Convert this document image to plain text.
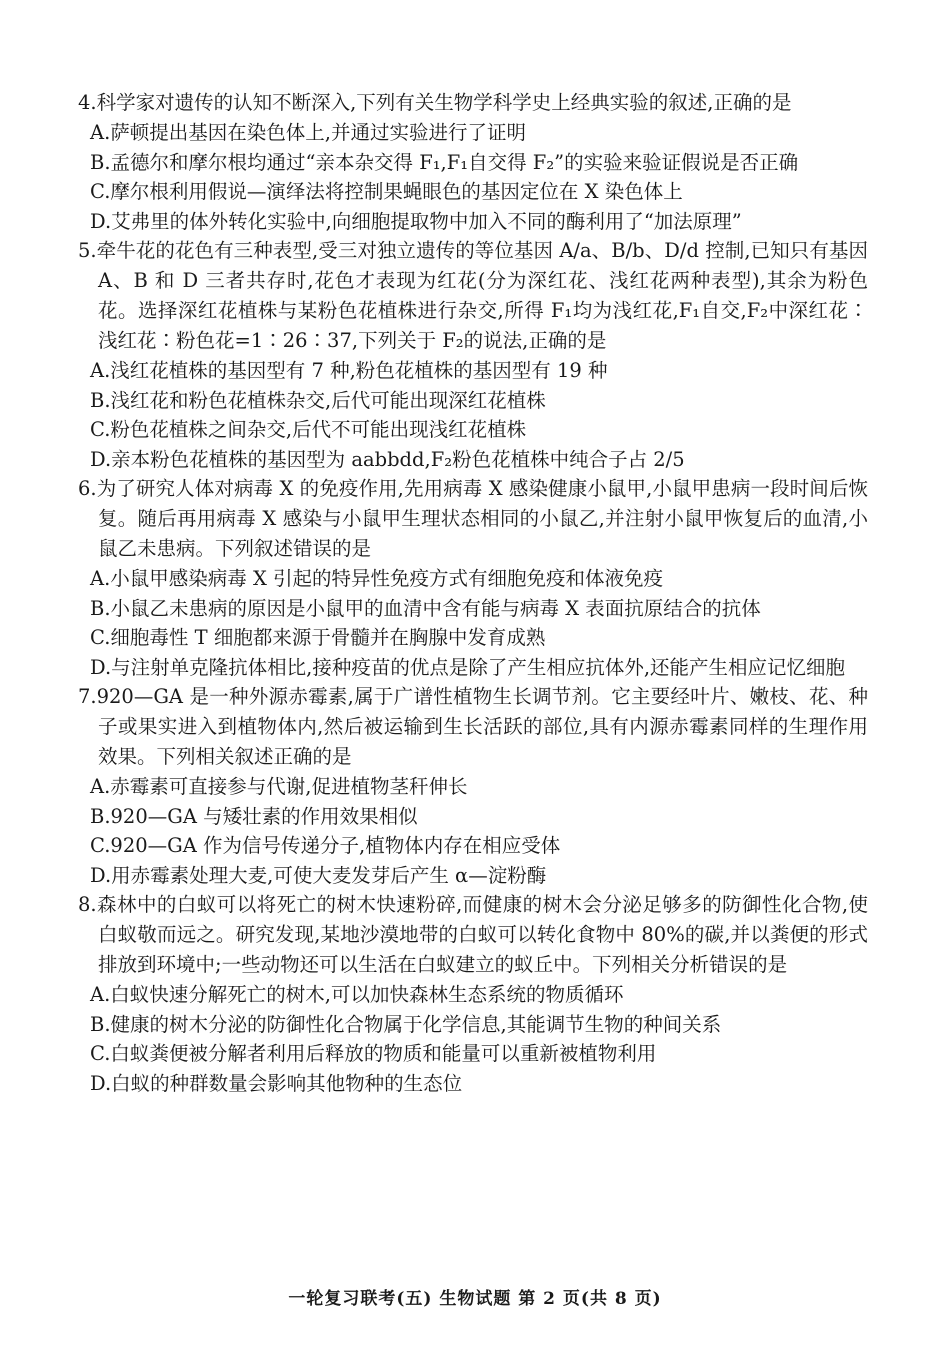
4.科学家对遗传的认知不断深入,下列有关生物学科学史上经典实验的叙述,正确的是

A.萨顿提出基因在染色体上,并通过实验进行了证明

B.孟德尔和摩尔根均通过“亲本杂交得 F₁,F₁自交得 F₂”的实验来验证假说是否正确

C.摩尔根利用假说—演绎法将控制果蝇眼色的基因定位在 X 染色体上

D.艾弗里的体外转化实验中,向细胞提取物中加入不同的酶利用了“加法原理”

5.牵牛花的花色有三种表型,受三对独立遗传的等位基因 A/a、B/b、D/d 控制,已知只有基因 A、B 和 D 三者共存时,花色才表现为红花(分为深红花、浅红花两种表型),其余为粉色花。选择深红花植株与某粉色花植株进行杂交,所得 F₁均为浅红花,F₁自交,F₂中深红花∶浅红花∶粉色花=1∶26∶37,下列关于 F₂的说法,正确的是

A.浅红花植株的基因型有 7 种,粉色花植株的基因型有 19 种

B.浅红花和粉色花植株杂交,后代可能出现深红花植株

C.粉色花植株之间杂交,后代不可能出现浅红花植株

D.亲本粉色花植株的基因型为 aabbdd,F₂粉色花植株中纯合子占 2/5

6.为了研究人体对病毒 X 的免疫作用,先用病毒 X 感染健康小鼠甲,小鼠甲患病一段时间后恢复。随后再用病毒 X 感染与小鼠甲生理状态相同的小鼠乙,并注射小鼠甲恢复后的血清,小鼠乙未患病。下列叙述错误的是

A.小鼠甲感染病毒 X 引起的特异性免疫方式有细胞免疫和体液免疫

B.小鼠乙未患病的原因是小鼠甲的血清中含有能与病毒 X 表面抗原结合的抗体

C.细胞毒性 T 细胞都来源于骨髓并在胸腺中发育成熟

D.与注射单克隆抗体相比,接种疫苗的优点是除了产生相应抗体外,还能产生相应记忆细胞

7.920—GA 是一种外源赤霉素,属于广谱性植物生长调节剂。它主要经叶片、嫩枝、花、种子或果实进入到植物体内,然后被运输到生长活跃的部位,具有内源赤霉素同样的生理作用效果。下列相关叙述正确的是

A.赤霉素可直接参与代谢,促进植物茎秆伸长

B.920—GA 与矮壮素的作用效果相似

C.920—GA 作为信号传递分子,植物体内存在相应受体

D.用赤霉素处理大麦,可使大麦发芽后产生 α—淀粉酶

8.森林中的白蚁可以将死亡的树木快速粉碎,而健康的树木会分泌足够多的防御性化合物,使白蚁敬而远之。研究发现,某地沙漠地带的白蚁可以转化食物中 80%的碳,并以粪便的形式排放到环境中;一些动物还可以生活在白蚁建立的蚁丘中。下列相关分析错误的是

A.白蚁快速分解死亡的树木,可以加快森林生态系统的物质循环

B.健康的树木分泌的防御性化合物属于化学信息,其能调节生物的种间关系

C.白蚁粪便被分解者利用后释放的物质和能量可以重新被植物利用

D.白蚁的种群数量会影响其他物种的生态位

一轮复习联考(五) 生物试题 第 2 页(共 8 页)
